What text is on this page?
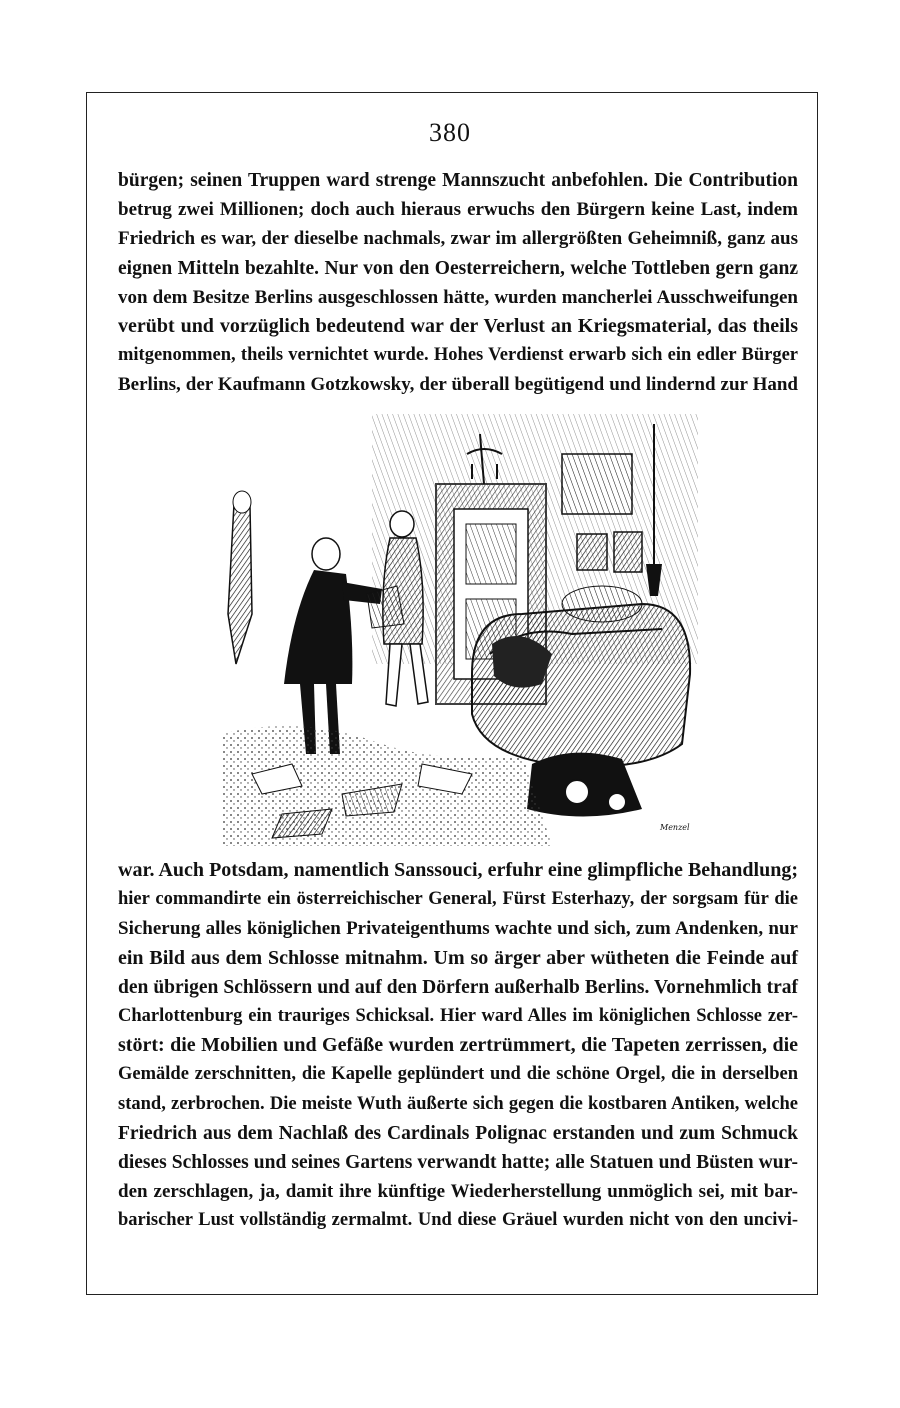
380
bürgen; seinen Truppen ward strenge Mannszucht anbefohlen. Die Contribution
betrug zwei Millionen; doch auch hieraus erwuchs den Bürgern keine Last, indem
Friedrich es war, der dieselbe nachmals, zwar im allergrößten Geheimniß, ganz aus
eignen Mitteln bezahlte. Nur von den Oesterreichern, welche Tottleben gern ganz
von dem Besitze Berlins ausgeschlossen hätte, wurden mancherlei Ausschweifungen
verübt und vorzüglich bedeutend war der Verlust an Kriegsmaterial, das theils
mitgenommen, theils vernichtet wurde. Hohes Verdienst erwarb sich ein edler Bürger
Berlins, der Kaufmann Gotzkowsky, der überall begütigend und lindernd zur Hand
Menzel
war. Auch Potsdam, namentlich Sanssouci, erfuhr eine glimpfliche Behandlung;
hier commandirte ein österreichischer General, Fürst Esterhazy, der sorgsam für die
Sicherung alles königlichen Privateigenthums wachte und sich, zum Andenken, nur
ein Bild aus dem Schlosse mitnahm. Um so ärger aber wütheten die Feinde auf
den übrigen Schlössern und auf den Dörfern außerhalb Berlins. Vornehmlich traf
Charlottenburg ein trauriges Schicksal. Hier ward Alles im königlichen Schlosse zer-
stört: die Mobilien und Gefäße wurden zertrümmert, die Tapeten zerrissen, die
Gemälde zerschnitten, die Kapelle geplündert und die schöne Orgel, die in derselben
stand, zerbrochen. Die meiste Wuth äußerte sich gegen die kostbaren Antiken, welche
Friedrich aus dem Nachlaß des Cardinals Polignac erstanden und zum Schmuck
dieses Schlosses und seines Gartens verwandt hatte; alle Statuen und Büsten wur-
den zerschlagen, ja, damit ihre künftige Wiederherstellung unmöglich sei, mit bar-
barischer Lust vollständig zermalmt. Und diese Gräuel wurden nicht von den uncivi-
